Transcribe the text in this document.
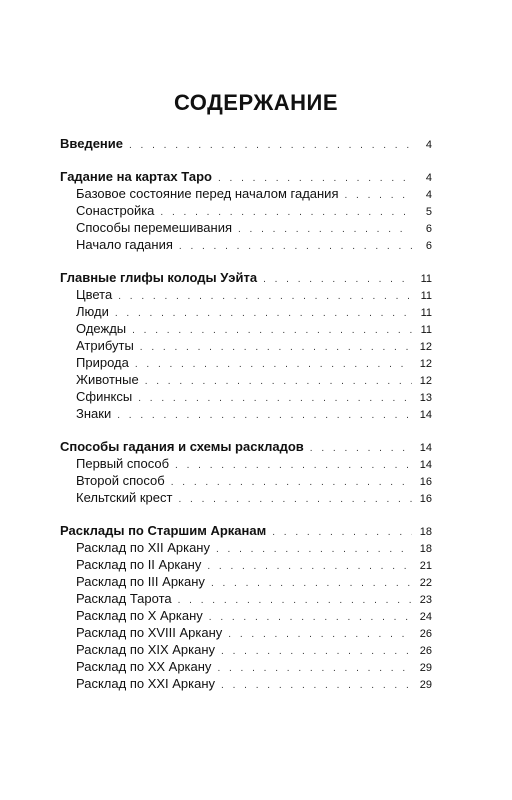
СОДЕРЖАНИЕ
Введение . . .	4
Гадание на картах Таро . . .	4
Базовое состояние перед началом гадания . . .	4
Сонастройка . . .	5
Способы перемешивания . . .	6
Начало гадания . . .	6
Главные глифы колоды Уэйта . . .	11
Цвета . . .	11
Люди . . .	11
Одежды . . .	11
Атрибуты . . .	12
Природа . . .	12
Животные . . .	12
Сфинксы . . .	13
Знаки . . .	14
Способы гадания и схемы раскладов . . .	14
Первый способ . . .	14
Второй способ . . .	16
Кельтский крест . . .	16
Расклады по Старшим Арканам . . .	18
Расклад по XII Аркану . . .	18
Расклад по II Аркану . . .	21
Расклад по III Аркану . . .	22
Расклад Тарота . . .	23
Расклад по X Аркану . . .	24
Расклад по XVIII Аркану . . .	26
Расклад по XIX Аркану . . .	26
Расклад по XX Аркану . . .	29
Расклад по XXI Аркану . . .	29
